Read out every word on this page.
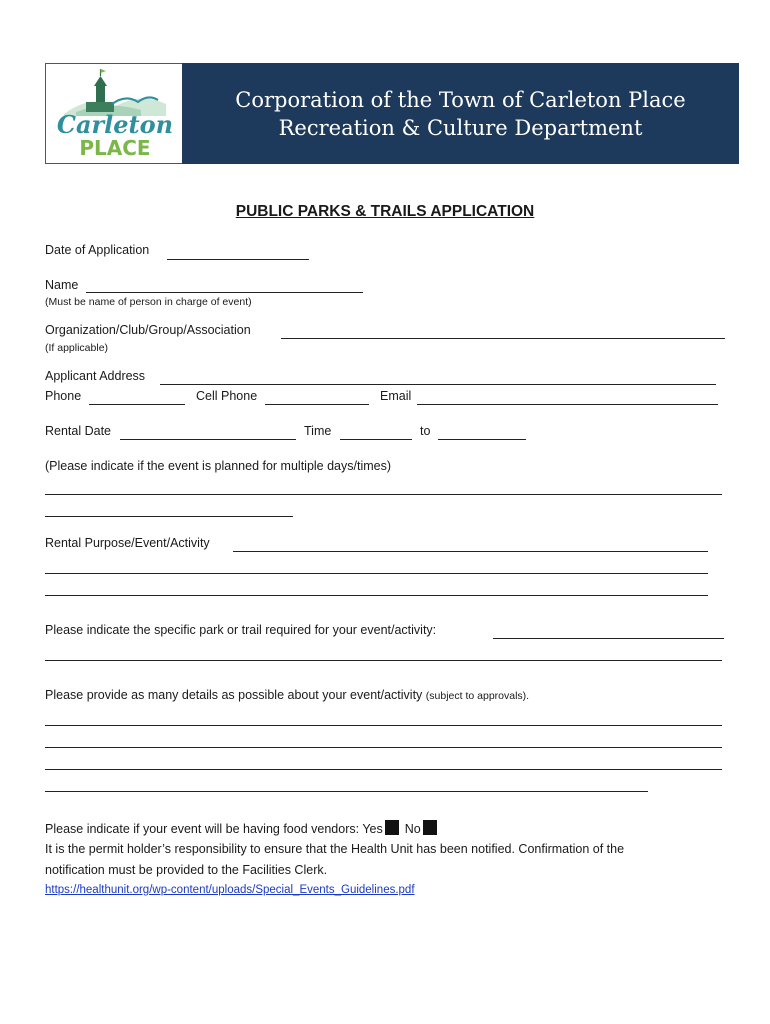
Carleton
PLACE
Corporation of the Town of Carleton Place
Recreation & Culture Department
PUBLIC PARKS & TRAILS APPLICATION
Date of Application
Name
(Must be name of person in charge of event)
Organization/Club/Group/Association
(If applicable)
Applicant Address
Phone	Cell Phone	Email
Rental Date	Time	to
(Please indicate if the event is planned for multiple days/times)
Rental Purpose/Event/Activity
Please indicate the specific park or trail required for your event/activity:
Please provide as many details as possible about your event/activity (subject to approvals).
Please indicate if your event will be having food vendors: Yes No
It is the permit holder’s responsibility to ensure that the Health Unit has been notified. Confirmation of the
notification must be provided to the Facilities Clerk.
https://healthunit.org/wp-content/uploads/Special_Events_Guidelines.pdf
